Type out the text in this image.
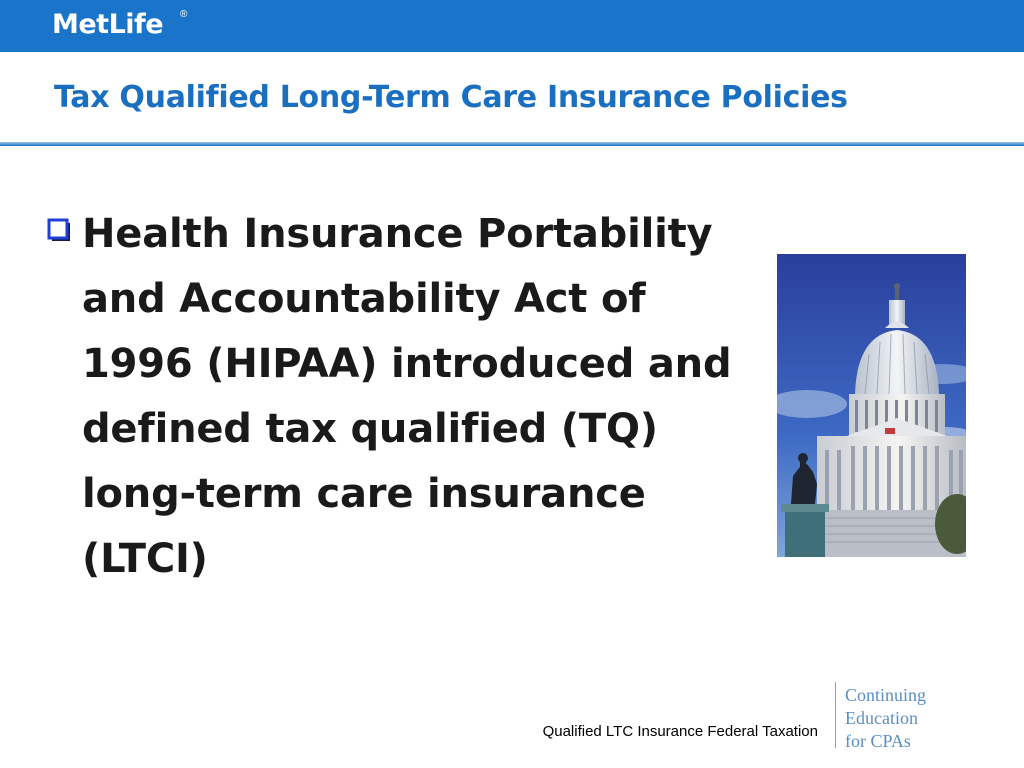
MetLife ®
Tax Qualified Long-Term Care Insurance Policies
Health Insurance Portability and Accountability Act of 1996 (HIPAA) introduced and defined tax qualified (TQ) long-term care insurance (LTCI)
Qualified LTC Insurance Federal Taxation
Continuing
Education
for CPAs
